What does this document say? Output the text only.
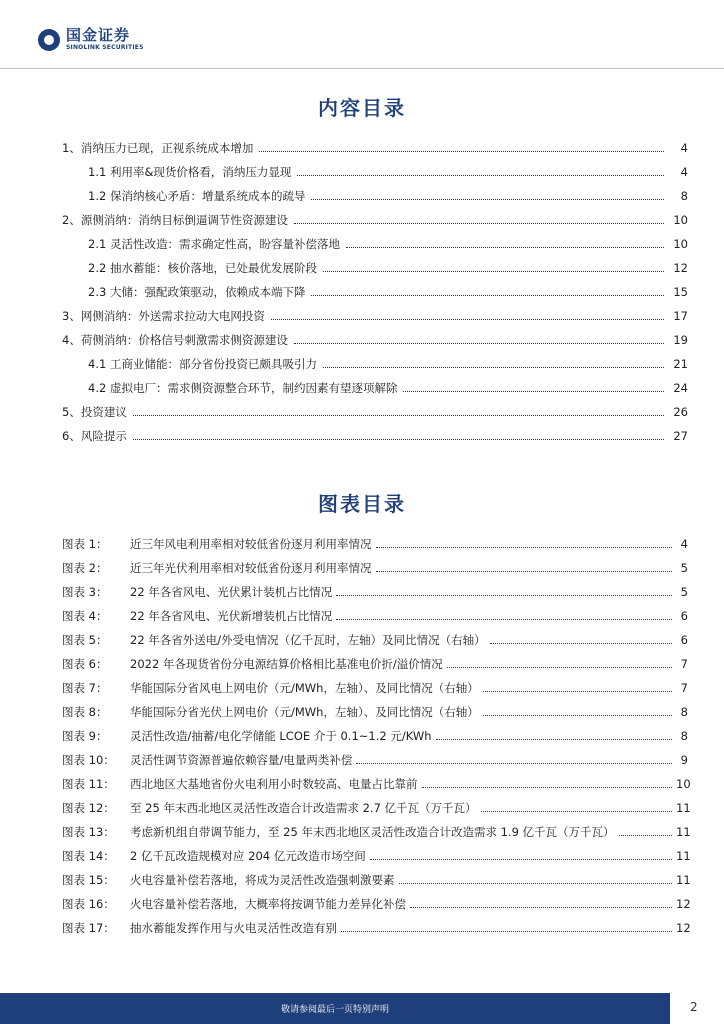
国金证券
SINOLINK SECURITIES
内容目录
1、消纳压力已现，正视系统成本增加	4
1.1 利用率&现货价格看，消纳压力显现	4
1.2 保消纳核心矛盾：增量系统成本的疏导	8
2、源侧消纳：消纳目标倒逼调节性资源建设	10
2.1 灵活性改造：需求确定性高，盼容量补偿落地	10
2.2 抽水蓄能：核价落地，已处最优发展阶段	12
2.3 大储：强配政策驱动，依赖成本端下降	15
3、网侧消纳：外送需求拉动大电网投资	17
4、荷侧消纳：价格信号刺激需求侧资源建设	19
4.1 工商业储能：部分省份投资已颇具吸引力	21
4.2 虚拟电厂：需求侧资源整合环节，制约因素有望逐项解除	24
5、投资建议	26
6、风险提示	27
图表目录
图表 1：	近三年风电利用率相对较低省份逐月利用率情况	4
图表 2：	近三年光伏利用率相对较低省份逐月利用率情况	5
图表 3：	22 年各省风电、光伏累计装机占比情况	5
图表 4：	22 年各省风电、光伏新增装机占比情况	6
图表 5：	22 年各省外送电/外受电情况（亿千瓦时，左轴）及同比情况（右轴）	6
图表 6：	2022 年各现货省份分电源结算价格相比基准电价折/溢价情况	7
图表 7：	华能国际分省风电上网电价（元/MWh，左轴）、及同比情况（右轴）	7
图表 8：	华能国际分省光伏上网电价（元/MWh，左轴）、及同比情况（右轴）	8
图表 9：	灵活性改造/抽蓄/电化学储能 LCOE 介于 0.1~1.2 元/KWh	8
图表 10：	灵活性调节资源普遍依赖容量/电量两类补偿	9
图表 11：	西北地区大基地省份火电利用小时数较高、电量占比靠前	10
图表 12：	至 25 年末西北地区灵活性改造合计改造需求 2.7 亿千瓦（万千瓦）	11
图表 13：	考虑新机组自带调节能力，至 25 年末西北地区灵活性改造合计改造需求 1.9 亿千瓦（万千瓦）	11
图表 14：	2 亿千瓦改造规模对应 204 亿元改造市场空间	11
图表 15：	火电容量补偿若落地，将成为灵活性改造强刺激要素	11
图表 16：	火电容量补偿若落地，大概率将按调节能力差异化补偿	12
图表 17：	抽水蓄能发挥作用与火电灵活性改造有别	12
敬请参阅最后一页特别声明	2
